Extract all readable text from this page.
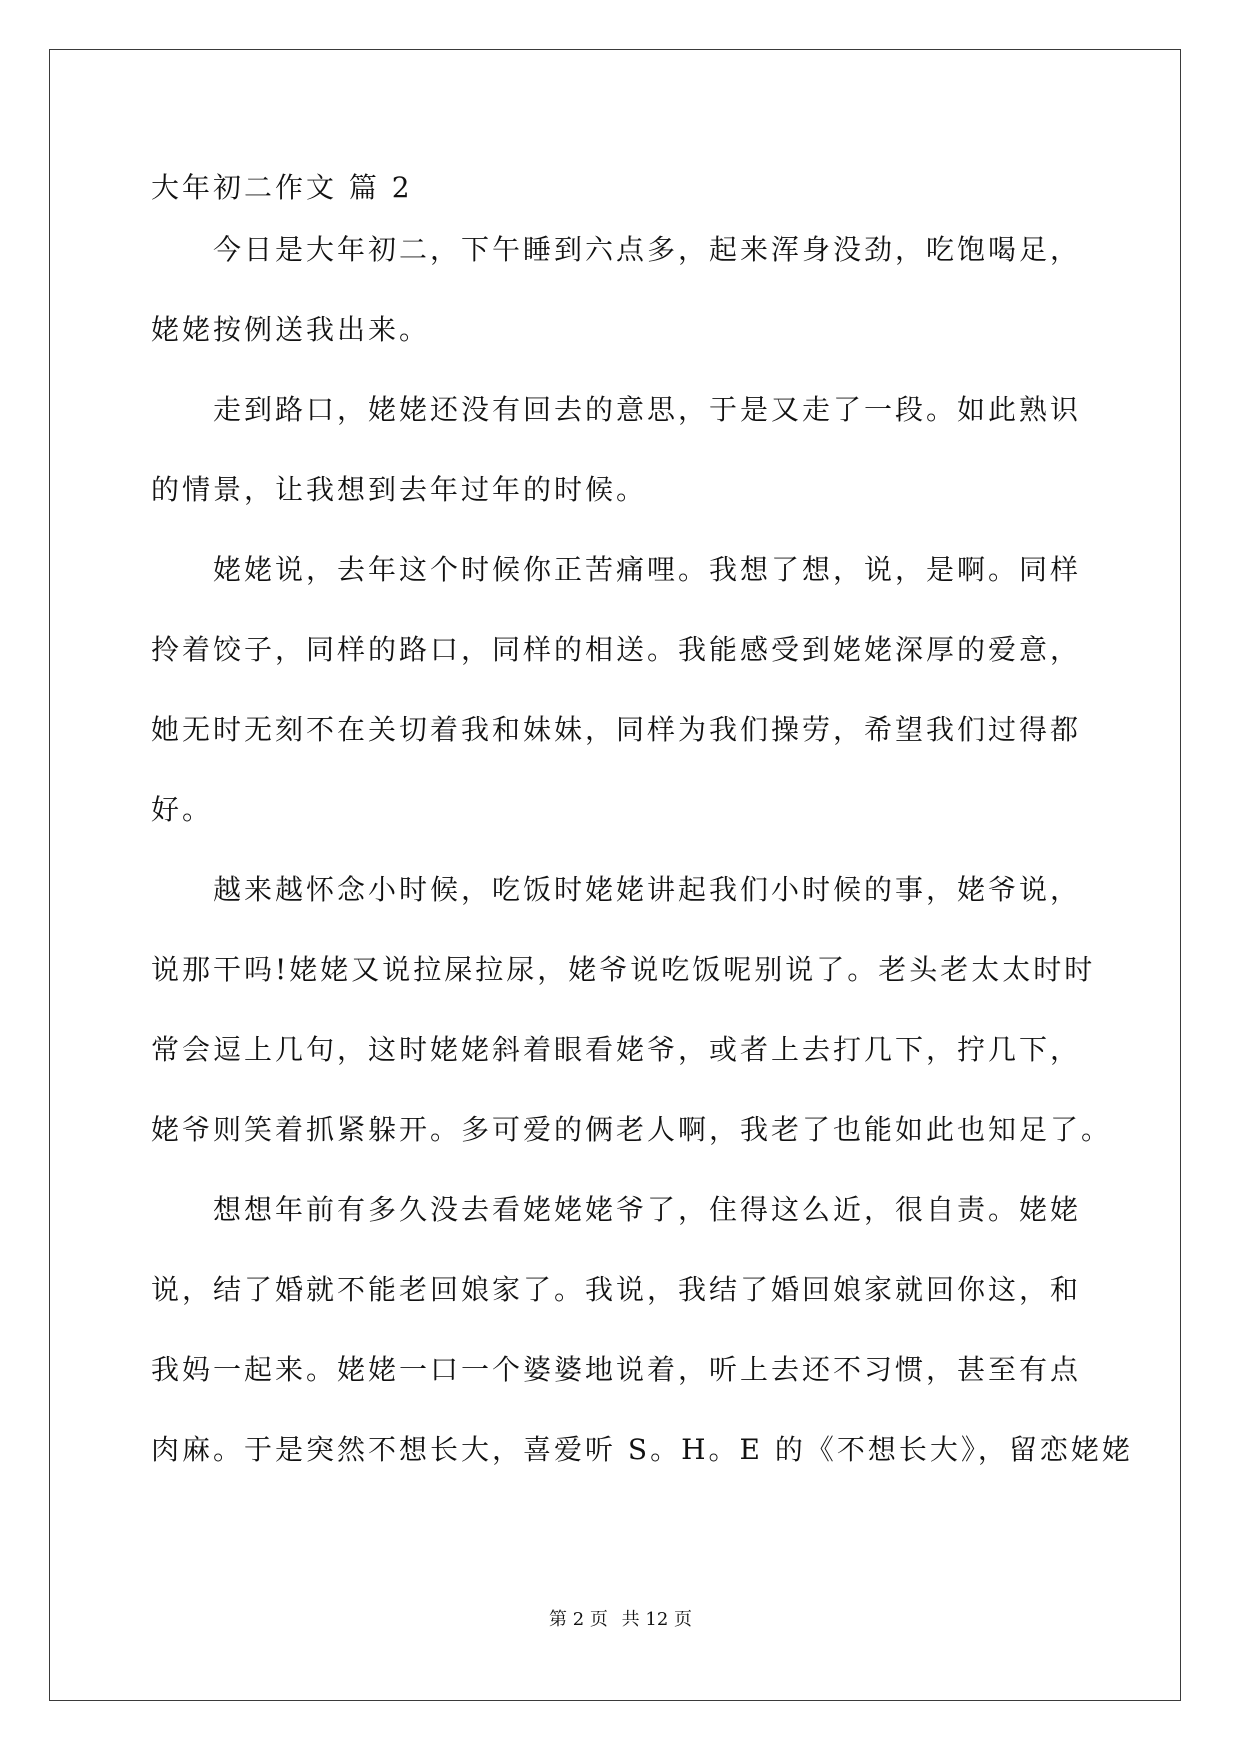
大年初二作文 篇 2
今日是大年初二，下午睡到六点多，起来浑身没劲，吃饱喝足，
姥姥按例送我出来。
走到路口，姥姥还没有回去的意思，于是又走了一段。如此熟识
的情景，让我想到去年过年的时候。
姥姥说，去年这个时候你正苦痛哩。我想了想，说，是啊。同样
拎着饺子，同样的路口，同样的相送。我能感受到姥姥深厚的爱意，
她无时无刻不在关切着我和妹妹，同样为我们操劳，希望我们过得都
好。
越来越怀念小时候，吃饭时姥姥讲起我们小时候的事，姥爷说，
说那干吗!姥姥又说拉屎拉尿，姥爷说吃饭呢别说了。老头老太太时时
常会逗上几句，这时姥姥斜着眼看姥爷，或者上去打几下，拧几下，
姥爷则笑着抓紧躲开。多可爱的俩老人啊，我老了也能如此也知足了。
想想年前有多久没去看姥姥姥爷了，住得这么近，很自责。姥姥
说，结了婚就不能老回娘家了。我说，我结了婚回娘家就回你这，和
我妈一起来。姥姥一口一个婆婆地说着，听上去还不习惯，甚至有点
肉麻。于是突然不想长大，喜爱听 S。H。E 的《不想长大》，留恋姥姥
第 2 页 共 12 页
